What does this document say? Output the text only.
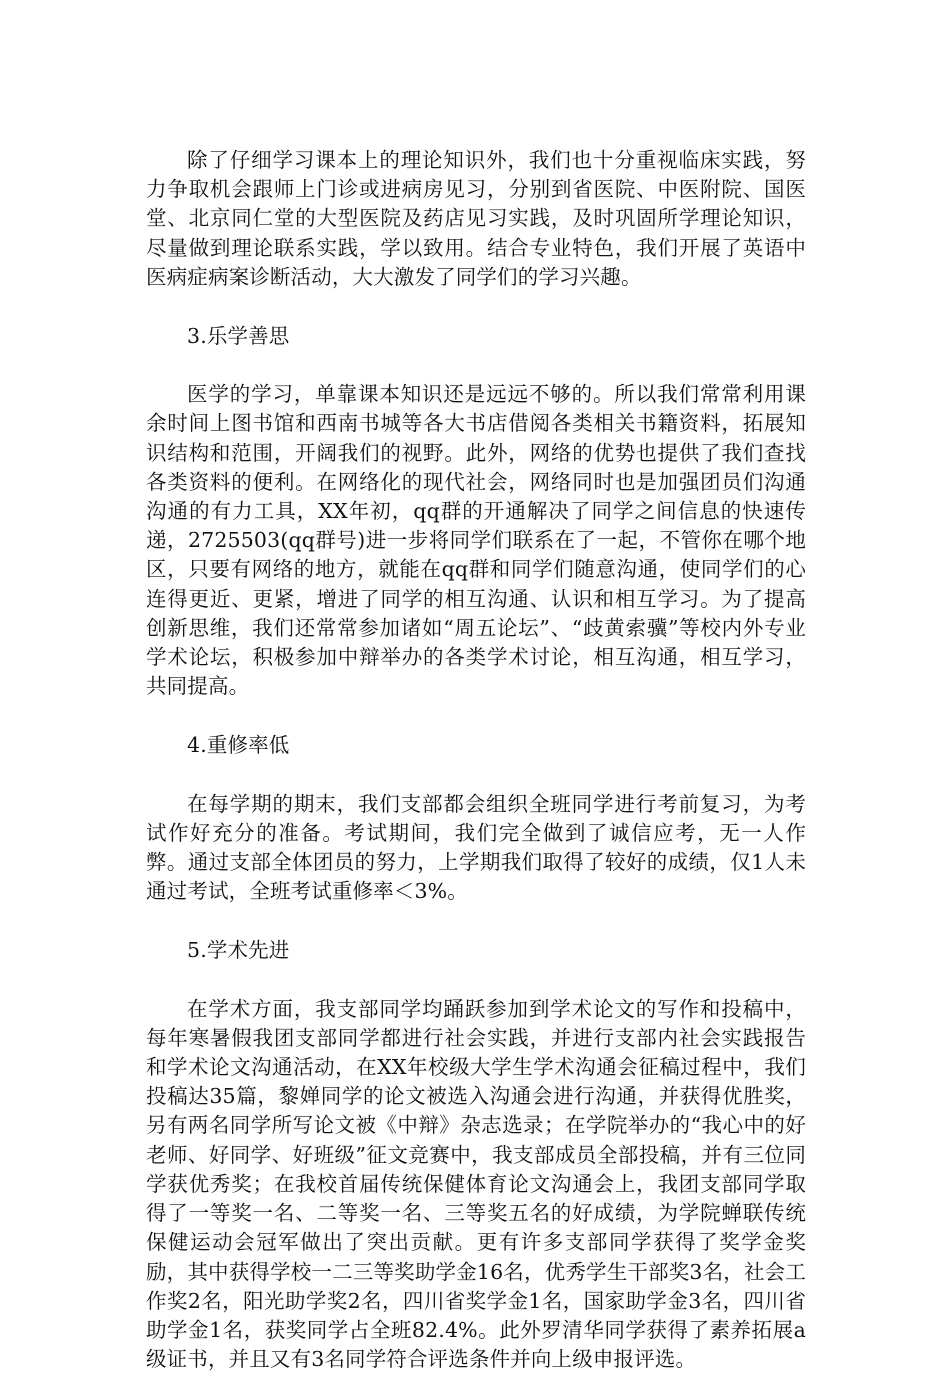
除了仔细学习课本上的理论知识外，我们也十分重视临床实践，努力争取机会跟师上门诊或进病房见习，分别到省医院、中医附院、国医堂、北京同仁堂的大型医院及药店见习实践，及时巩固所学理论知识，尽量做到理论联系实践，学以致用。结合专业特色，我们开展了英语中医病症病案诊断活动，大大激发了同学们的学习兴趣。

3.乐学善思

医学的学习，单靠课本知识还是远远不够的。所以我们常常利用课余时间上图书馆和西南书城等各大书店借阅各类相关书籍资料，拓展知识结构和范围，开阔我们的视野。此外，网络的优势也提供了我们查找各类资料的便利。在网络化的现代社会，网络同时也是加强团员们沟通沟通的有力工具，XX年初，qq群的开通解决了同学之间信息的快速传递，2725503(qq群号)进一步将同学们联系在了一起，不管你在哪个地区，只要有网络的地方，就能在qq群和同学们随意沟通，使同学们的心连得更近、更紧，增进了同学的相互沟通、认识和相互学习。为了提高创新思维，我们还常常参加诸如“周五论坛”、“歧黄索骥”等校内外专业学术论坛，积极参加中辩举办的各类学术讨论，相互沟通，相互学习，共同提高。

4.重修率低

在每学期的期末，我们支部都会组织全班同学进行考前复习，为考试作好充分的准备。考试期间，我们完全做到了诚信应考，无一人作弊。通过支部全体团员的努力，上学期我们取得了较好的成绩，仅1人未通过考试，全班考试重修率＜3%。

5.学术先进

在学术方面，我支部同学均踊跃参加到学术论文的写作和投稿中，每年寒暑假我团支部同学都进行社会实践，并进行支部内社会实践报告和学术论文沟通活动，在XX年校级大学生学术沟通会征稿过程中，我们投稿达35篇，黎婵同学的论文被选入沟通会进行沟通，并获得优胜奖，另有两名同学所写论文被《中辩》杂志选录；在学院举办的“我心中的好老师、好同学、好班级”征文竞赛中，我支部成员全部投稿，并有三位同学获优秀奖；在我校首届传统保健体育论文沟通会上，我团支部同学取得了一等奖一名、二等奖一名、三等奖五名的好成绩，为学院蝉联传统保健运动会冠军做出了突出贡献。更有许多支部同学获得了奖学金奖励，其中获得学校一二三等奖助学金16名，优秀学生干部奖3名，社会工作奖2名，阳光助学奖2名，四川省奖学金1名，国家助学金3名，四川省助学金1名，获奖同学占全班82.4%。此外罗清华同学获得了素养拓展a级证书，并且又有3名同学符合评选条件并向上级申报评选。
